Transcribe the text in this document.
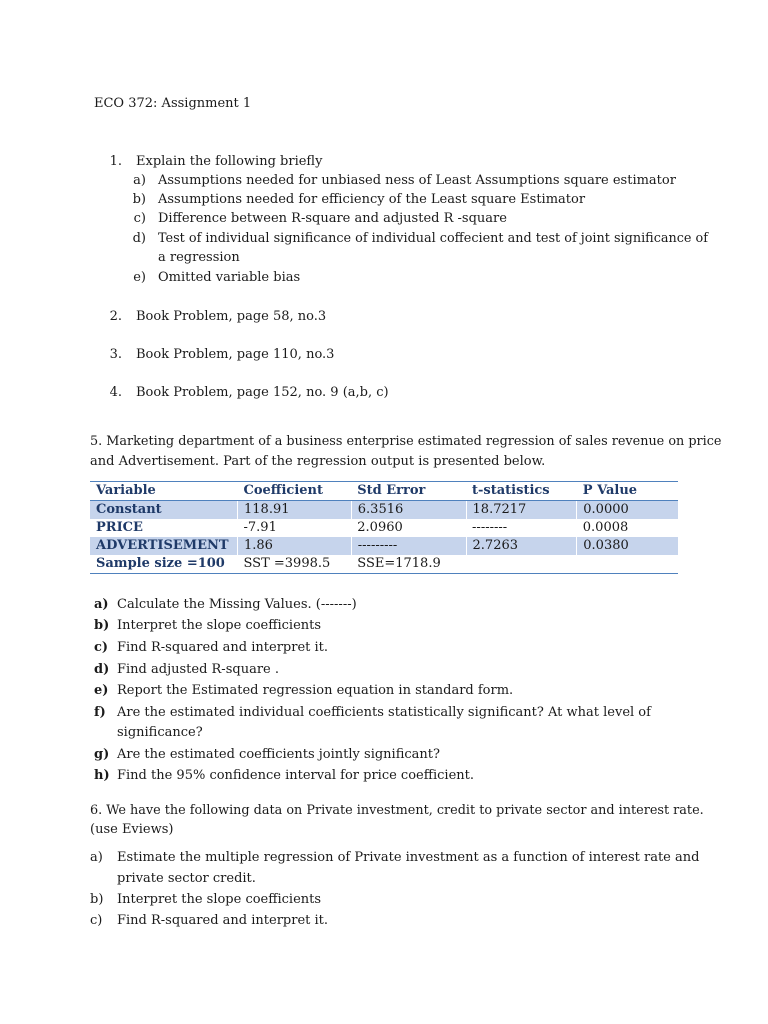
ECO 372: Assignment 1
1. Explain the following briefly
a) Assumptions needed for unbiased ness of Least Assumptions square estimator
b) Assumptions needed for efficiency of the Least square Estimator
c) Difference between R-square and adjusted R -square
d) Test of individual significance of individual coffecient and test of joint significance of
a regression
e) Omitted variable bias
2. Book Problem, page 58, no.3
3. Book Problem, page 110, no.3
4. Book Problem, page 152, no. 9 (a,b, c)
5. Marketing department of a business enterprise estimated regression of sales revenue on price
and Advertisement. Part of the regression output is presented below.
Variable	Coefficient	Std Error	t-statistics	P Value
Constant	118.91	6.3516	18.7217	0.0000
PRICE	-7.91	2.0960	--------	0.0008
ADVERTISEMENT	1.86	---------	2.7263	0.0380
Sample size =100	SST =3998.5	SSE=1718.9		
a) Calculate the Missing Values. (-------)
b) Interpret the slope coefficients
c) Find R-squared and interpret it.
d) Find adjusted R-square .
e) Report the Estimated regression equation in standard form.
f) Are the estimated individual coefficients statistically significant? At what level of
significance?
g) Are the estimated coefficients jointly significant?
h) Find the 95% confidence interval for price coefficient.
6. We have the following data on Private investment, credit to private sector and interest rate.
(use Eviews)
a)	Estimate the multiple regression of Private investment as a function of interest rate and
private sector credit.
b)	Interpret the slope coefficients
c)	Find R-squared and interpret it.
